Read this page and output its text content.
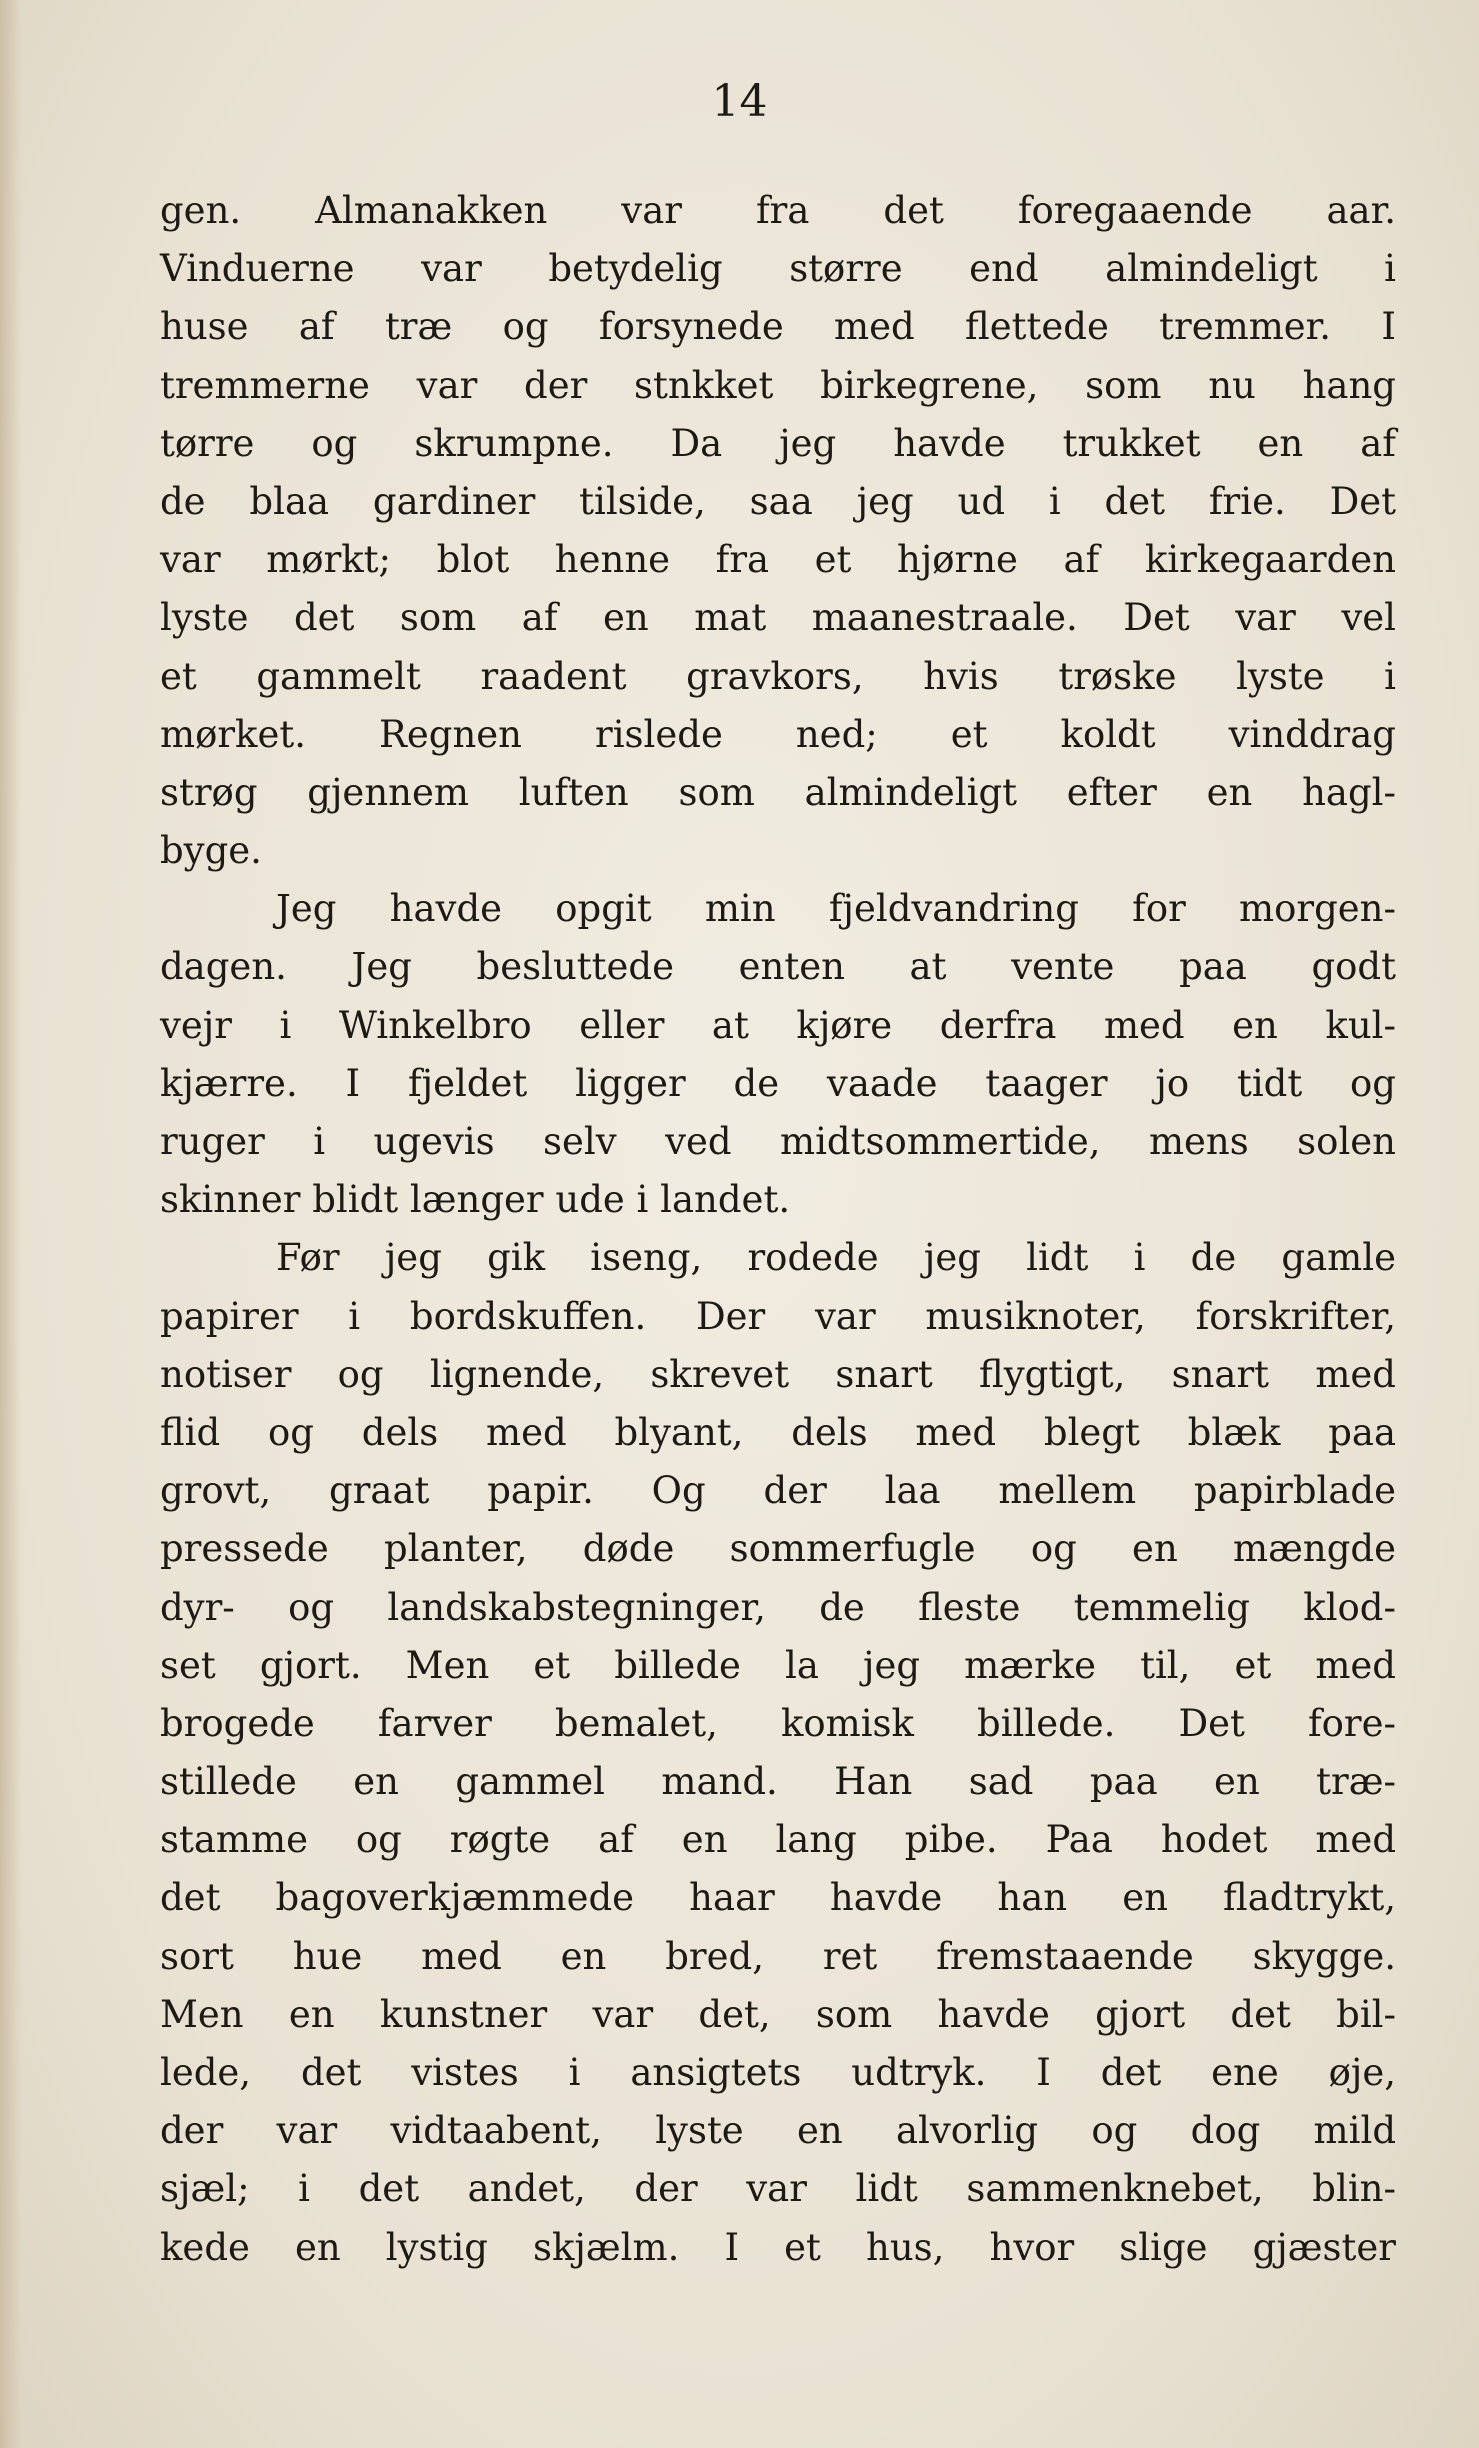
14
gen. Almanakken var fra det foregaaende aar.
Vinduerne var betydelig større end almindeligt i
huse af træ og forsynede med flettede tremmer. I
tremmerne var der stnkket birkegrene, som nu hang
tørre og skrumpne. Da jeg havde trukket en af
de blaa gardiner tilside, saa jeg ud i det frie. Det
var mørkt; blot henne fra et hjørne af kirkegaarden
lyste det som af en mat maanestraale. Det var vel
et gammelt raadent gravkors, hvis trøske lyste i
mørket. Regnen rislede ned; et koldt vinddrag
strøg gjennem luften som almindeligt efter en hagl-
byge.
Jeg havde opgit min fjeldvandring for morgen-
dagen. Jeg besluttede enten at vente paa godt
vejr i Winkelbro eller at kjøre derfra med en kul-
kjærre. I fjeldet ligger de vaade taager jo tidt og
ruger i ugevis selv ved midtsommertide, mens solen
skinner blidt længer ude i landet.
Før jeg gik iseng, rodede jeg lidt i de gamle
papirer i bordskuffen. Der var musiknoter, forskrifter,
notiser og lignende, skrevet snart flygtigt, snart med
flid og dels med blyant, dels med blegt blæk paa
grovt, graat papir. Og der laa mellem papirblade
pressede planter, døde sommerfugle og en mængde
dyr- og landskabstegninger, de fleste temmelig klod-
set gjort. Men et billede la jeg mærke til, et med
brogede farver bemalet, komisk billede. Det fore-
stillede en gammel mand. Han sad paa en træ-
stamme og røgte af en lang pibe. Paa hodet med
det bagoverkjæmmede haar havde han en fladtrykt,
sort hue med en bred, ret fremstaaende skygge.
Men en kunstner var det, som havde gjort det bil-
lede, det vistes i ansigtets udtryk. I det ene øje,
der var vidtaabent, lyste en alvorlig og dog mild
sjæl; i det andet, der var lidt sammenknebet, blin-
kede en lystig skjælm. I et hus, hvor slige gjæster
